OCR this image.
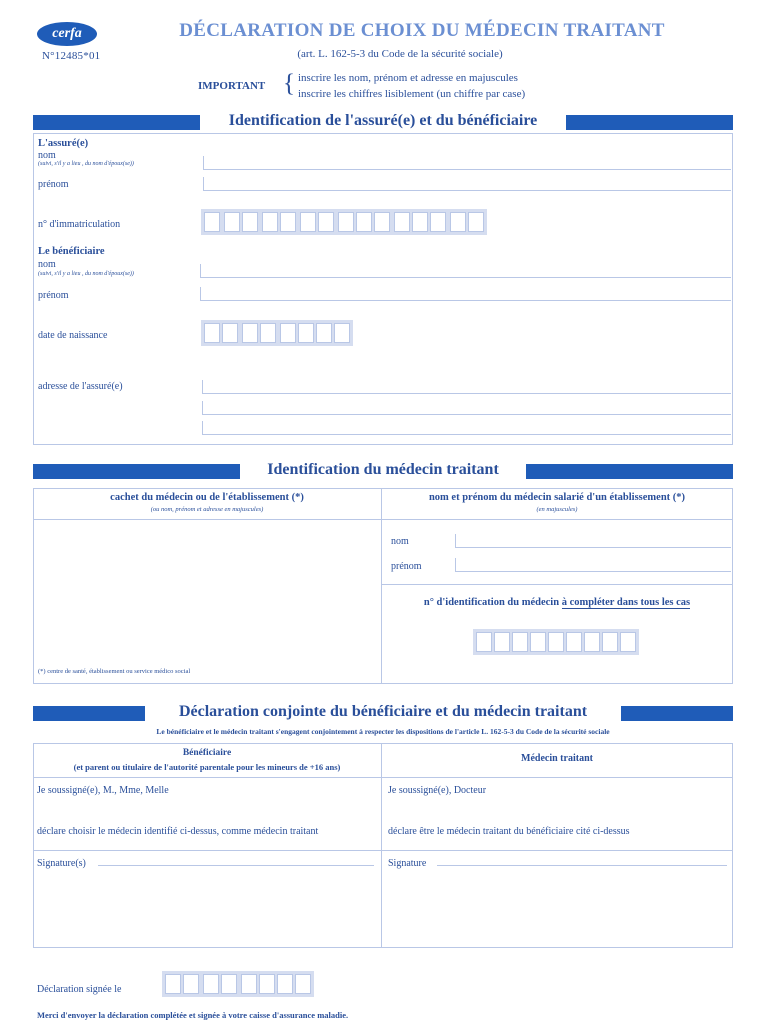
cerfa
N°12485*01
DÉCLARATION DE CHOIX DU MÉDECIN TRAITANT
(art. L. 162-5-3 du Code de la sécurité sociale)
IMPORTANT { inscrire les nom, prénom et adresse en majuscules
inscrire les chiffres lisiblement (un chiffre par case)
Identification de l'assuré(e) et du bénéficiaire
L'assuré(e)
nom
(suivi, s'il y a lieu , du nom d'époux(se))
prénom
n° d'immatriculation
Le bénéficiaire
nom
(suivi, s'il y a lieu , du nom d'époux(se))
prénom
date de naissance
adresse de l'assuré(e)
Identification du médecin traitant
cachet du médecin ou de l'établissement (*)
(ou nom, prénom et adresse en majuscules)
nom et prénom du médecin salarié d'un établissement (*)
(en majuscules)
(*) centre de santé, établissement ou service médico social
nom
prénom
n° d'identification du médecin à compléter dans tous les cas
Déclaration conjointe du bénéficiaire et du médecin traitant
Le bénéficiaire et le médecin traitant s'engagent conjointement à respecter les dispositions de l'article L. 162-5-3 du Code de la sécurité sociale
Bénéficiaire
(et parent ou titulaire de l'autorité parentale pour les mineurs de +16 ans)
Médecin traitant
Je soussigné(e), M., Mme, Melle
déclare choisir le médecin identifié ci-dessus, comme médecin traitant
Je soussigné(e), Docteur
déclare être le médecin traitant du bénéficiaire cité ci-dessus
Signature(s)	Signature
Déclaration signée le
Merci d'envoyer la déclaration complétée et signée à votre caisse d'assurance maladie.
